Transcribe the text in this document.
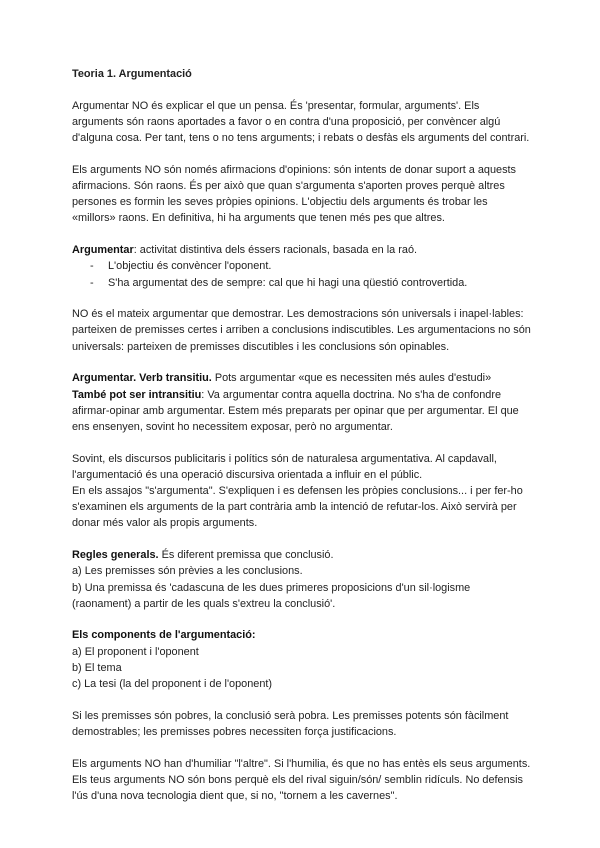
Teoria 1. Argumentació

Argumentar NO és explicar el que un pensa. És 'presentar, formular, arguments'. Els arguments són raons aportades a favor o en contra d'una proposició, per convèncer algú d'alguna cosa. Per tant, tens o no tens arguments; i rebats o desfàs els arguments del contrari.

Els arguments NO són només afirmacions d'opinions: són intents de donar suport a aquests afirmacions. Són raons. És per això que quan s'argumenta s'aporten proves perquè altres persones es formin les seves pròpies opinions. L'objectiu dels arguments és trobar les «millors» raons. En definitiva, hi ha arguments que tenen més pes que altres.

Argumentar: activitat distintiva dels éssers racionals, basada en la raó.
- L'objectiu és convèncer l'oponent.
- S'ha argumentat des de sempre: cal que hi hagi una qüestió controvertida.

NO és el mateix argumentar que demostrar. Les demostracions són universals i inapel·lables: parteixen de premisses certes i arriben a conclusions indiscutibles. Les argumentacions no són universals: parteixen de premisses discutibles i les conclusions són opinables.

Argumentar. Verb transitiu. Pots argumentar «que es necessiten més aules d'estudi»
També pot ser intransitiu: Va argumentar contra aquella doctrina. No s'ha de confondre afirmar-opinar amb argumentar. Estem més preparats per opinar que per argumentar. El que ens ensenyen, sovint ho necessitem exposar, però no argumentar.

Sovint, els discursos publicitaris i polítics són de naturalesa argumentativa. Al capdavall, l'argumentació és una operació discursiva orientada a influir en el públic.
En els assajos "s'argumenta". S'expliquen i es defensen les pròpies conclusions... i per fer-ho s'examinen els arguments de la part contrària amb la intenció de refutar-los. Això servirà per donar més valor als propis arguments.

Regles generals. És diferent premissa que conclusió.
a) Les premisses són prèvies a les conclusions.
b) Una premissa és 'cadascuna de les dues primeres proposicions d'un sil·logisme (raonament) a partir de les quals s'extreu la conclusió'.

Els components de l'argumentació:
a) El proponent i l'oponent
b) El tema
c) La tesi (la del proponent i de l'oponent)

Si les premisses són pobres, la conclusió serà pobra. Les premisses potents són fàcilment demostrables; les premisses pobres necessiten força justificacions.

Els arguments NO han d'humiliar "l'altre". Si l'humilia, és que no has entès els seus arguments. Els teus arguments NO són bons perquè els del rival siguin/són/ semblin ridículs. No defensis l'ús d'una nova tecnologia dient que, si no, "tornem a les cavernes".
